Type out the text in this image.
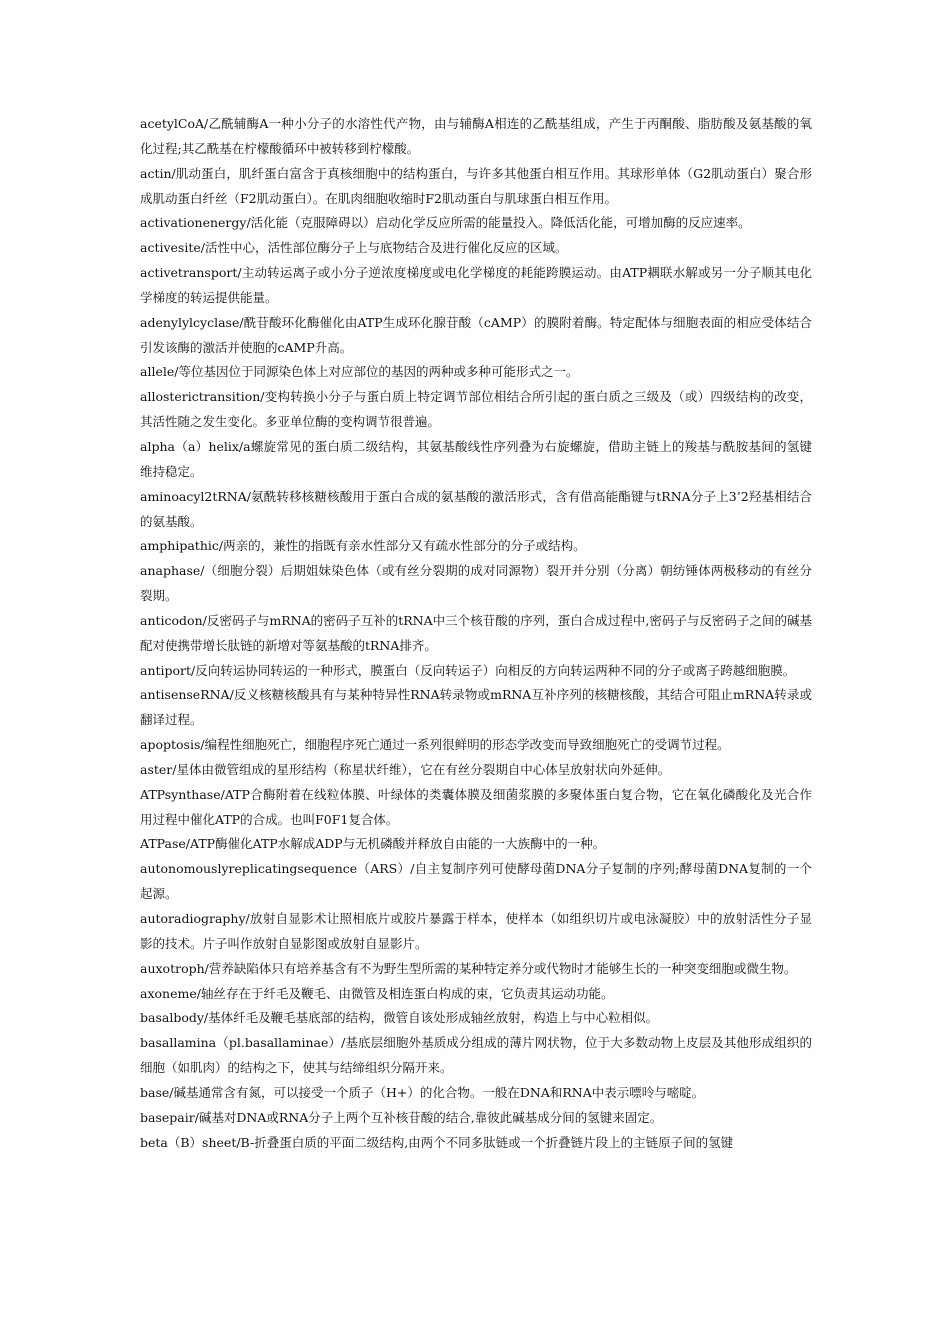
acetylCoA/乙酰辅酶A一种小分子的水溶性代产物，由与辅酶A相连的乙酰基组成，产生于丙酮酸、脂肪酸及氨基酸的氧化过程;其乙酰基在柠檬酸循环中被转移到柠檬酸。

actin/肌动蛋白，肌纤蛋白富含于真核细胞中的结构蛋白，与许多其他蛋白相互作用。其球形单体（G2肌动蛋白）聚合形成肌动蛋白纤丝（F2肌动蛋白）。在肌肉细胞收缩时F2肌动蛋白与肌球蛋白相互作用。

activationenergy/活化能（克服障碍以）启动化学反应所需的能量投入。降低活化能，可增加酶的反应速率。

activesite/活性中心，活性部位酶分子上与底物结合及进行催化反应的区域。

activetransport/主动转运离子或小分子逆浓度梯度或电化学梯度的耗能跨膜运动。由ATP耦联水解或另一分子顺其电化学梯度的转运提供能量。

adenylylcyclase/酰苷酸环化酶催化由ATP生成环化腺苷酸（cAMP）的膜附着酶。特定配体与细胞表面的相应受体结合引发该酶的激活并使胞的cAMP升高。

allele/等位基因位于同源染色体上对应部位的基因的两种或多种可能形式之一。

allosterictransition/变构转换小分子与蛋白质上特定调节部位相结合所引起的蛋白质之三级及（或）四级结构的改变，其活性随之发生变化。多亚单位酶的变构调节很普遍。

alpha（a）helix/a螺旋常见的蛋白质二级结构，其氨基酸线性序列叠为右旋螺旋，借助主链上的羧基与酰胺基间的氢键维持稳定。

aminoacyl2tRNA/氨酰转移核糖核酸用于蛋白合成的氨基酸的激活形式，含有借高能酯键与tRNA分子上3’2羟基相结合的氨基酸。

amphipathic/两亲的，兼性的指既有亲水性部分又有疏水性部分的分子或结构。

anaphase/（细胞分裂）后期姐妹染色体（或有丝分裂期的成对同源物）裂开并分别（分离）朝纺锤体两极移动的有丝分裂期。

anticodon/反密码子与mRNA的密码子互补的tRNA中三个核苷酸的序列，蛋白合成过程中,密码子与反密码子之间的碱基配对使携带增长肽链的新增对等氨基酸的tRNA排齐。

antiport/反向转运协同转运的一种形式，膜蛋白（反向转运子）向相反的方向转运两种不同的分子或离子跨越细胞膜。

antisenseRNA/反义核糖核酸具有与某种特异性RNA转录物或mRNA互补序列的核糖核酸，其结合可阻止mRNA转录或翻译过程。

apoptosis/编程性细胞死亡，细胞程序死亡通过一系列很鲜明的形态学改变而导致细胞死亡的受调节过程。

aster/星体由微管组成的星形结构（称星状纤维），它在有丝分裂期自中心体呈放射状向外延伸。

ATPsynthase/ATP合酶附着在线粒体膜、叶绿体的类囊体膜及细菌浆膜的多聚体蛋白复合物，它在氧化磷酸化及光合作用过程中催化ATP的合成。也叫F0F1复合体。

ATPase/ATP酶催化ATP水解成ADP与无机磷酸并释放自由能的一大族酶中的一种。

autonomouslyreplicatingsequence（ARS）/自主复制序列可使酵母菌DNA分子复制的序列;酵母菌DNA复制的一个起源。

autoradiography/放射自显影术让照相底片或胶片暴露于样本，使样本（如组织切片或电泳凝胶）中的放射活性分子显影的技术。片子叫作放射自显影图或放射自显影片。

auxotroph/营养缺陷体只有培养基含有不为野生型所需的某种特定养分或代物时才能够生长的一种突变细胞或微生物。

axoneme/轴丝存在于纤毛及鞭毛、由微管及相连蛋白构成的束，它负责其运动功能。

basalbody/基体纤毛及鞭毛基底部的结构，微管自该处形成轴丝放射，构造上与中心粒相似。

basallamina（pl.basallaminae）/基底层细胞外基质成分组成的薄片网状物，位于大多数动物上皮层及其他形成组织的细胞（如肌肉）的结构之下，使其与结缔组织分隔开来。

base/碱基通常含有氮，可以接受一个质子（H+）的化合物。一般在DNA和RNA中表示嘌呤与嘧啶。

basepair/碱基对DNA或RNA分子上两个互补核苷酸的结合,靠彼此碱基成分间的氢键来固定。

beta（B）sheet/B-折叠蛋白质的平面二级结构,由两个不同多肽链或一个折叠链片段上的主链原子间的氢键
